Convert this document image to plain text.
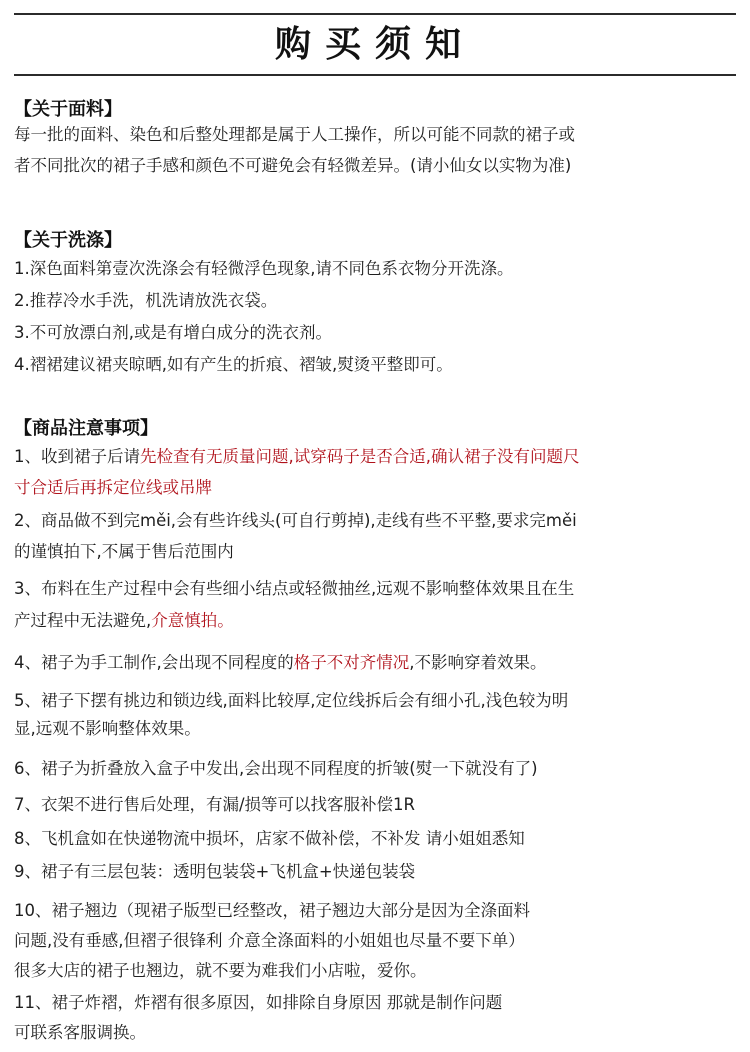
购买须知
【关于面料】
每一批的面料、染色和后整处理都是属于人工操作，所以可能不同款的裙子或
者不同批次的裙子手感和颜色不可避免会有轻微差异。(请小仙女以实物为准)
【关于洗涤】
1.深色面料第壹次洗涤会有轻微浮色现象,请不同色系衣物分开洗涤。
2.推荐冷水手洗，机洗请放洗衣袋。
3.不可放漂白剂,或是有增白成分的洗衣剂。
4.褶裙建议裙夹晾晒,如有产生的折痕、褶皱,熨烫平整即可。
【商品注意事项】
1、收到裙子后请先检查有无质量问题,试穿码子是否合适,确认裙子没有问题尺
寸合适后再拆定位线或吊牌
2、商品做不到完měi,会有些许线头(可自行剪掉),走线有些不平整,要求完měi
的谨慎拍下,不属于售后范围内
3、布料在生产过程中会有些细小结点或轻微抽丝,远观不影响整体效果且在生
产过程中无法避免,介意慎拍。
4、裙子为手工制作,会出现不同程度的格子不对齐情况,不影响穿着效果。
5、裙子下摆有挑边和锁边线,面料比较厚,定位线拆后会有细小孔,浅色较为明
显,远观不影响整体效果。
6、裙子为折叠放入盒子中发出,会出现不同程度的折皱(熨一下就没有了)
7、衣架不进行售后处理，有漏/损等可以找客服补偿1R
8、飞机盒如在快递物流中损坏，店家不做补偿，不补发 请小姐姐悉知
9、裙子有三层包装：透明包装袋+飞机盒+快递包装袋
10、裙子翘边（现裙子版型已经整改，裙子翘边大部分是因为全涤面料
问题,没有垂感,但褶子很锋利 介意全涤面料的小姐姐也尽量不要下单）
很多大店的裙子也翘边，就不要为难我们小店啦，爱你。
11、裙子炸褶，炸褶有很多原因，如排除自身原因 那就是制作问题
可联系客服调换。
